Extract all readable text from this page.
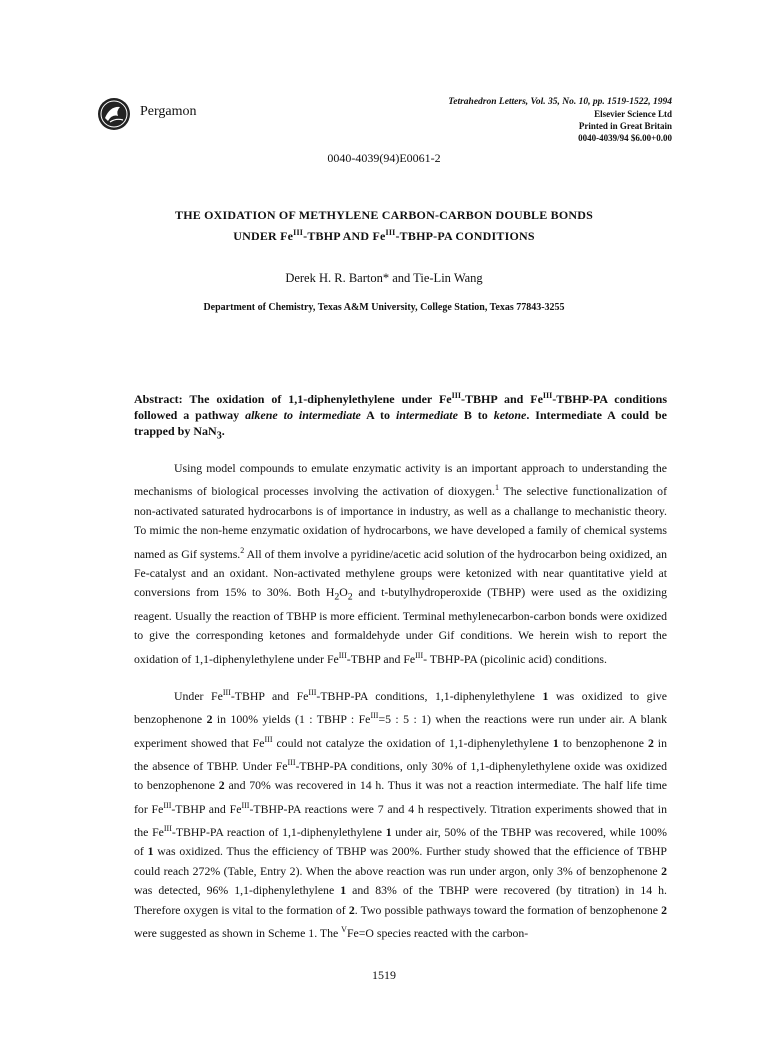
Pergamon
Tetrahedron Letters, Vol. 35, No. 10, pp. 1519-1522, 1994
Elsevier Science Ltd
Printed in Great Britain
0040-4039/94 $6.00+0.00
0040-4039(94)E0061-2
THE OXIDATION OF METHYLENE CARBON-CARBON DOUBLE BONDS
UNDER $Fe^{III}$-TBHP AND $Fe^{III}-TBHP-PA$ CONDITIONS
Derek H. R. Barton* and Tie-Lin Wang
Department of Chemistry, Texas A&M University, College Station, Texas 77843-3255
Abstract: The oxidation of 1,1-diphenylethylene under $Fe^{III}$-TBHP and $Fe^{III}-TBHP-PA$ conditions followed a pathway alkene to intermediate A to intermediate B to ketone. Intermediate A could be trapped by NaN$_3$.

Using model compounds to emulate enzymatic activity is an important approach to understanding the mechanisms of biological processes involving the activation of dioxygen.$^1$ The selective functionalization of non-activated saturated hydrocarbons is of importance in industry, as well as a challange to mechanistic theory. To mimic the non-heme enzymatic oxidation of hydrocarbons, we have developed a family of chemical systems named as Gif systems.$^2$ All of them involve a pyridine/acetic acid solution of the hydrocarbon being oxidized, an Fe-catalyst and an oxidant. Non-activated methylene groups were ketonized with near quantitative yield at conversions from 15% to 30%. Both $H_2O_2$ and t-butylhydroperoxide (TBHP) were used as the oxidizing reagent. Usually the reaction of TBHP is more efficient. Terminal methylenecarbon-carbon bonds were oxidized to give the corresponding ketones and formaldehyde under Gif conditions. We herein wish to report the oxidation of 1,1-diphenylethylene under $Fe^{III}$-TBHP and $Fe^{III}-$ TBHP-PA (picolinic acid) conditions.

Under $Fe^{III}$-TBHP and $Fe^{III}-TBHP-PA$ conditions, 1,1-diphenylethylene 1 was oxidized to give benzophenone 2 in 100% yields (1 : TBHP : $Fe^{III}=5$ : 5 : 1) when the reactions were run under air. A blank experiment showed that $Fe^{III}$ could not catalyze the oxidation of 1,1-diphenylethylene 1 to benzophenone 2 in the absence of TBHP. Under $Fe^{III}-TBHP-PA$ conditions, only 30% of 1,1-diphenylethylene oxide was oxidized to benzophenone 2 and 70% was recovered in 14 h. Thus it was not a reaction intermediate. The half life time for $Fe^{III}$-TBHP and $Fe^{III}-TBHP-PA$ reactions were 7 and 4 h respectively. Titration experiments showed that in the $Fe^{III}-TBHP-PA$ reaction of 1,1-diphenylethylene 1 under air, 50% of the TBHP was recovered, while 100% of 1 was oxidized. Thus the efficiency of TBHP was 200%. Further study showed that the efficience of TBHP could reach 272% (Table, Entry 2). When the above reaction was run under argon, only 3% of benzophenone 2 was detected, 96% 1,1-diphenylethylene 1 and 83% of the TBHP were recovered (by titration) in 14 h. Therefore oxygen is vital to the formation of 2. Two possible pathways toward the formation of benzophenone 2 were suggested as shown in Scheme 1. The $^V$Fe=O species reacted with the carbon-

1519
